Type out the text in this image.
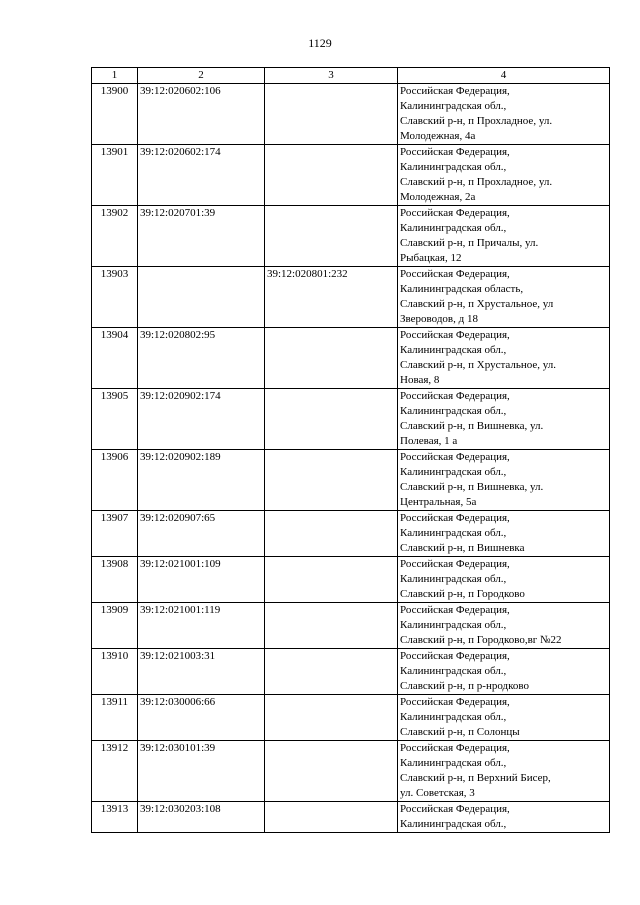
1129
1	2	3	4
13900	39:12:020602:106		Российская Федерация,
Калининградская обл.,
Славский р-н, п Прохладное, ул.
Молодежная, 4а

13901	39:12:020602:174		Российская Федерация,
Калининградская обл.,
Славский р-н, п Прохладное, ул.
Молодежная, 2а

13902	39:12:020701:39		Российская Федерация,
Калининградская обл.,
Славский р-н, п Причалы, ул.
Рыбацкая, 12

13903		39:12:020801:232	Российская Федерация,
Калининградская область,
Славский р-н, п Хрустальное, ул
Звероводов, д 18

13904	39:12:020802:95		Российская Федерация,
Калининградская обл.,
Славский р-н, п Хрустальное, ул.
Новая, 8

13905	39:12:020902:174		Российская Федерация,
Калининградская обл.,
Славский р-н, п Вишневка, ул.
Полевая, 1 а

13906	39:12:020902:189		Российская Федерация,
Калининградская обл.,
Славский р-н, п Вишневка, ул.
Центральная, 5а

13907	39:12:020907:65		Российская Федерация,
Калининградская обл.,
Славский р-н, п Вишневка

13908	39:12:021001:109		Российская Федерация,
Калининградская обл.,
Славский р-н, п Городково

13909	39:12:021001:119		Российская Федерация,
Калининградская обл.,
Славский р-н, п Городково,вг №22

13910	39:12:021003:31		Российская Федерация,
Калининградская обл.,
Славский р-н, п р-нродково

13911	39:12:030006:66		Российская Федерация,
Калининградская обл.,
Славский р-н, п Солонцы

13912	39:12:030101:39		Российская Федерация,
Калининградская обл.,
Славский р-н, п Верхний Бисер,
ул. Советская, 3

13913	39:12:030203:108		Российская Федерация,
Калининградская обл.,
